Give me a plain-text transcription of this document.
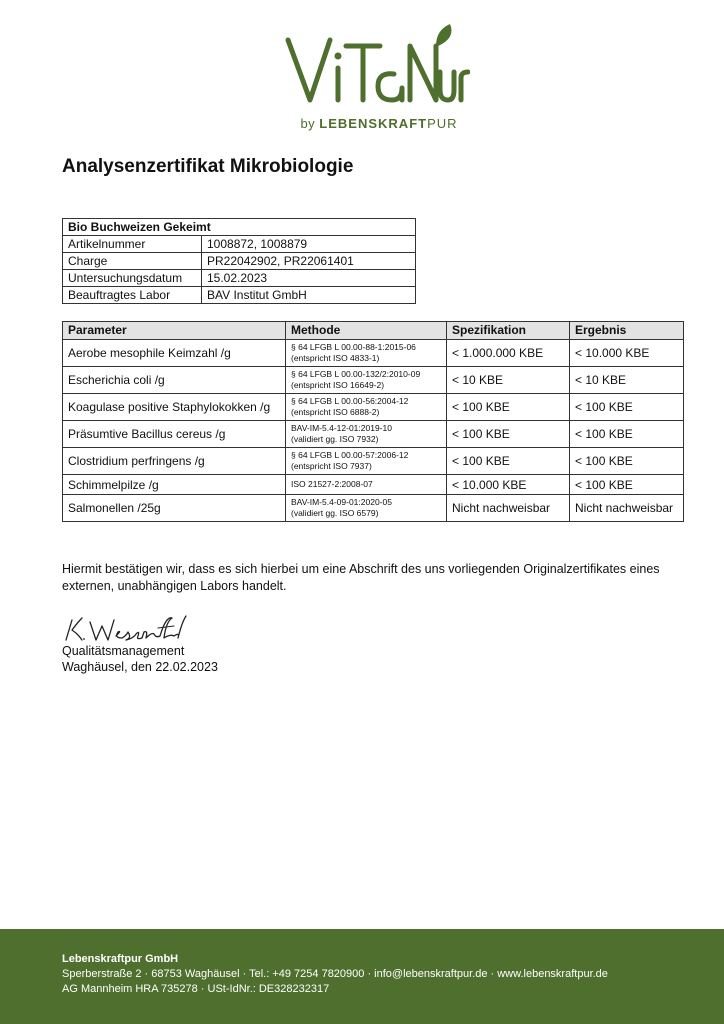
by LEBENSKRAFTPUR
Analysenzertifikat Mikrobiologie
Bio Buchweizen Gekeimt	
Artikelnummer	1008872, 1008879
Charge	PR22042902, PR22061401
Untersuchungsdatum	15.02.2023
Beauftragtes Labor	BAV Institut GmbH
Parameter	Methode	Spezifikation	Ergebnis
Aerobe mesophile Keimzahl /g	§ 64 LFGB L 00.00-88-1:2015-06
(entspricht ISO 4833-1)	< 1.000.000 KBE	< 10.000 KBE
Escherichia coli /g	§ 64 LFGB L 00.00-132/2:2010-09
(entspricht ISO 16649-2)	< 10 KBE	< 10 KBE
Koagulase positive Staphylokokken /g	§ 64 LFGB L 00.00-56:2004-12
(entspricht ISO 6888-2)	< 100 KBE	< 100 KBE
Präsumtive Bacillus cereus /g	BAV-IM-5.4-12-01:2019-10
(validiert gg. ISO 7932)	< 100 KBE	< 100 KBE
Clostridium perfringens /g	§ 64 LFGB L 00.00-57:2006-12
(entspricht ISO 7937)	< 100 KBE	< 100 KBE
Schimmelpilze /g	ISO 21527-2:2008-07	< 10.000 KBE	< 100 KBE
Salmonellen /25g	BAV-IM-5.4-09-01:2020-05
(validiert gg. ISO 6579)	Nicht nachweisbar	Nicht nachweisbar
Hiermit bestätigen wir, dass es sich hierbei um eine Abschrift des uns vorliegenden Originalzertifikates eines externen, unabhängigen Labors handelt.
Qualitätsmanagement
Waghäusel, den 22.02.2023
Lebenskraftpur GmbH
Sperberstraße 2 · 68753 Waghäusel · Tel.: +49 7254 7820900 · info@lebenskraftpur.de · www.lebenskraftpur.de
AG Mannheim HRA 735278 · USt-IdNr.: DE328232317
